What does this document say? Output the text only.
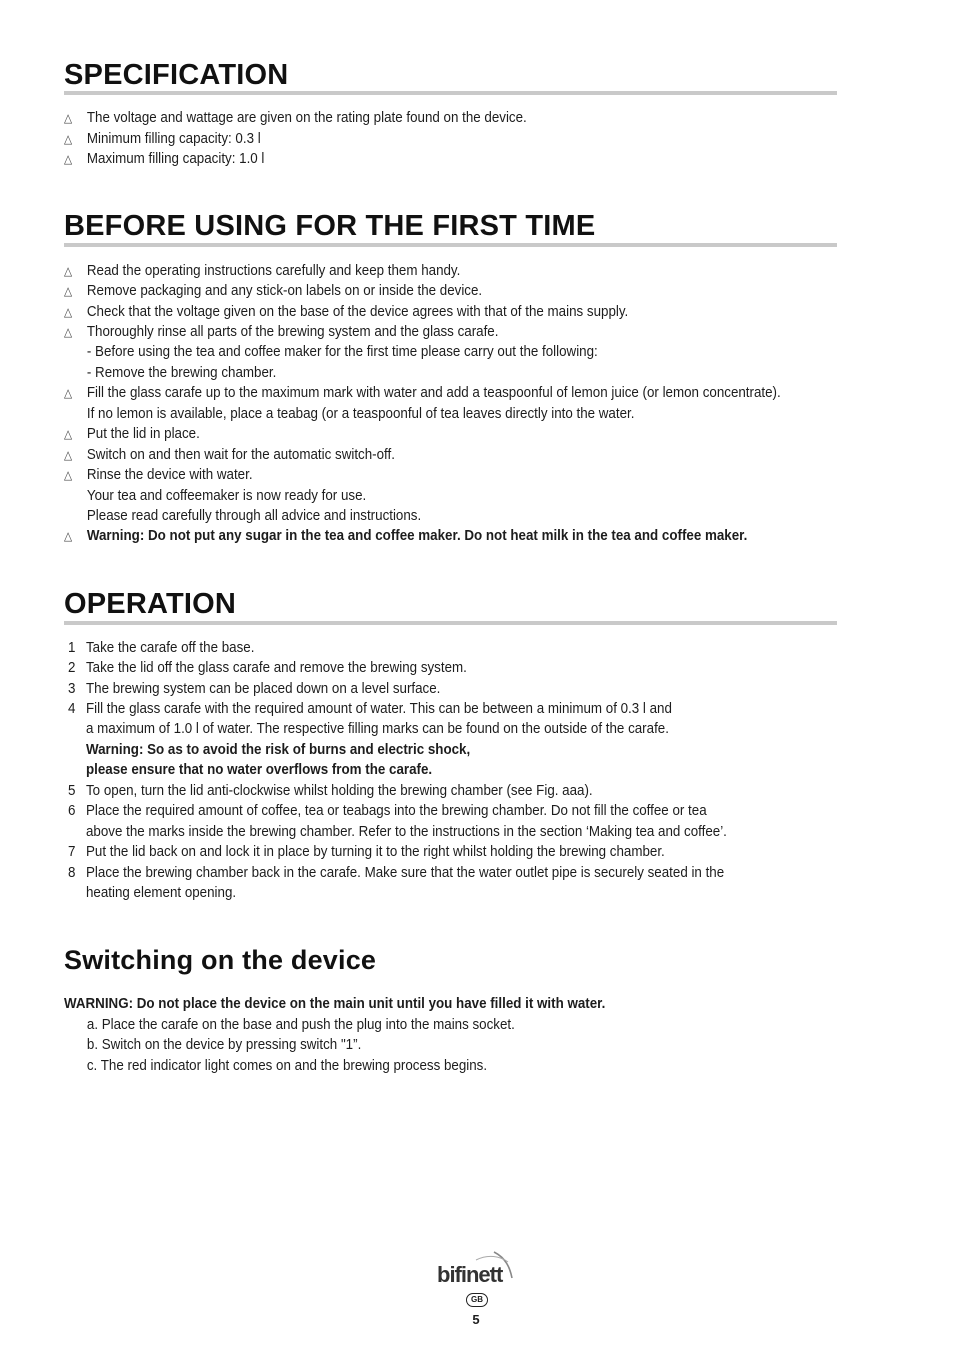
SPECIFICATION
△ The voltage and wattage are given on the rating plate found on the device.
△ Minimum filling capacity: 0.3 l
△ Maximum filling capacity: 1.0 l
BEFORE USING FOR THE FIRST TIME
△ Read the operating instructions carefully and keep them handy.
△ Remove packaging and any stick-on labels on or inside the device.
△ Check that the voltage given on the base of the device agrees with that of the mains supply.
△ Thoroughly rinse all parts of the brewing system and the glass carafe.
- Before using the tea and coffee maker for the first time please carry out the following:
- Remove the brewing chamber.
△ Fill the glass carafe up to the maximum mark with water and add a teaspoonful of lemon juice (or lemon concentrate).
If no lemon is available, place a teabag (or a teaspoonful of tea leaves directly into the water.
△ Put the lid in place.
△ Switch on and then wait for the automatic switch-off.
△ Rinse the device with water.
Your tea and coffeemaker is now ready for use.
Please read carefully through all advice and instructions.
△ Warning: Do not put any sugar in the tea and coffee maker. Do not heat milk in the tea and coffee maker.
OPERATION
1 Take the carafe off the base.
2 Take the lid off the glass carafe and remove the brewing system.
3 The brewing system can be placed down on a level surface.
4 Fill the glass carafe with the required amount of water. This can be between a minimum of 0.3 l and
a maximum of 1.0 l of water. The respective filling marks can be found on the outside of the carafe.
Warning: So as to avoid the risk of burns and electric shock,
please ensure that no water overflows from the carafe.
5 To open, turn the lid anti-clockwise whilst holding the brewing chamber (see Fig. aaa).
6 Place the required amount of coffee, tea or teabags into the brewing chamber. Do not fill the coffee or tea
above the marks inside the brewing chamber. Refer to the instructions in the section ‘Making tea and coffee’.
7 Put the lid back on and lock it in place by turning it to the right whilst holding the brewing chamber.
8 Place the brewing chamber back in the carafe. Make sure that the water outlet pipe is securely seated in the
heating element opening.
Switching on the device
WARNING: Do not place the device on the main unit until you have filled it with water.
a. Place the carafe on the base and push the plug into the mains socket.
b. Switch on the device by pressing switch "1”.
c. The red indicator light comes on and the brewing process begins.
bifinett
GB
5
